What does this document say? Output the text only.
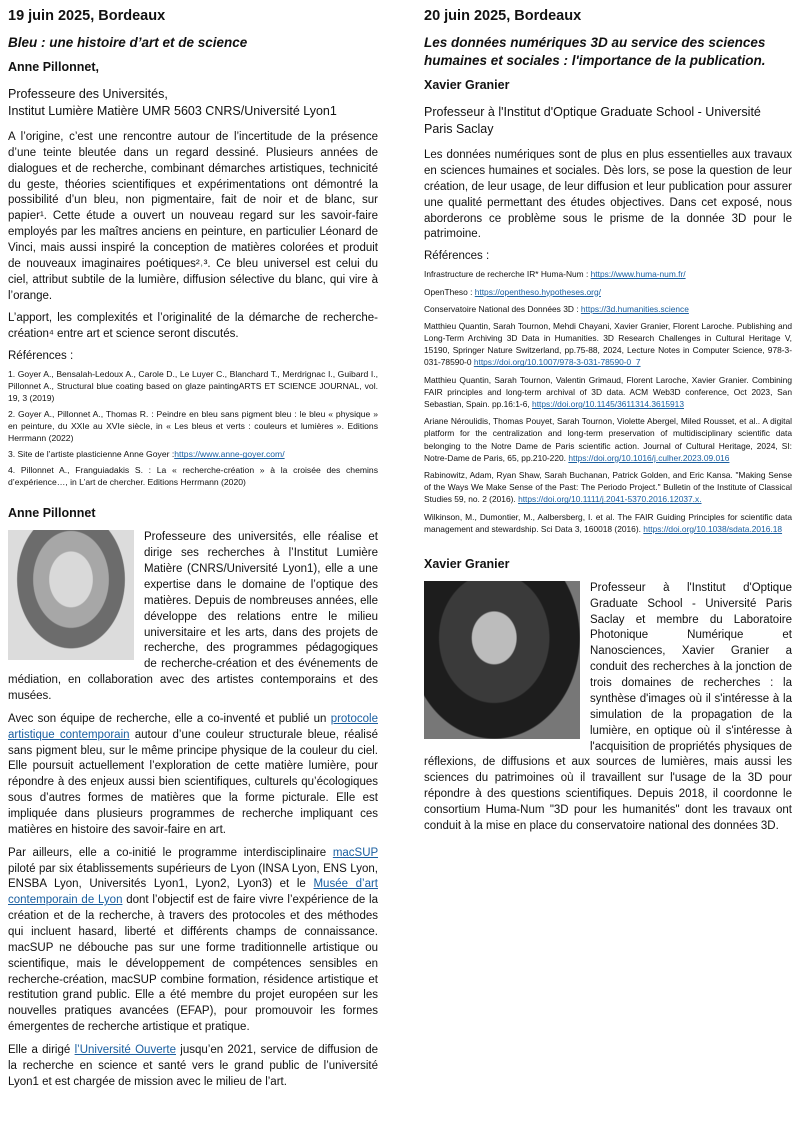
19 juin 2025, Bordeaux
Bleu : une histoire d’art et de science
Anne Pillonnet,
Professeure des Universités,
Institut Lumière Matière UMR 5603 CNRS/Université Lyon1

A l’origine, c’est une rencontre autour de l’incertitude de la présence d’une teinte bleutée dans un regard dessiné. Plusieurs années de dialogues et de recherche, combinant démarches artistiques, technicité du geste, théories scientifiques et expérimentations ont démontré la possibilité d’un bleu, non pigmentaire, fait de noir et de blanc, sur papier¹. Cette étude a ouvert un nouveau regard sur les savoir-faire employés par les maîtres anciens en peinture, en particulier Léonard de Vinci, mais aussi inspiré la conception de matières colorées et produit de nouveaux imaginaires poétiques²˒³. Ce bleu universel est celui du ciel, attribut subtile de la lumière, diffusion sélective du blanc, qui vire à l’orange.

L’apport, les complexités et l’originalité de la démarche de recherche-création⁴ entre art et science seront discutés.

Références :
1. Goyer A., Bensalah-Ledoux A., Carole D., Le Luyer C., Blanchard T., Merdrignac I., Guibard I., Pillonnet A., Structural blue coating based on glaze paintingARTS ET SCIENCE JOURNAL, vol. 19, 3 (2019)
2. Goyer A., Pillonnet A., Thomas R. : Peindre en bleu sans pigment bleu : le bleu « physique » en peinture, du XXIe au XVIe siècle, in « Les bleus et verts : couleurs et lumières ». Editions Herrmann (2022)
3. Site de l’artiste plasticienne Anne Goyer :https://www.anne-goyer.com/
4. Pillonnet A., Franguiadakis S. : La « recherche-création » à la croisée des chemins d’expérience…, in L’art de chercher. Editions Herrmann (2020)
Anne Pillonnet

Professeure des universités, elle réalise et dirige ses recherches à l’Institut Lumière Matière (CNRS/Université Lyon1), elle a une expertise dans le domaine de l’optique des matières. Depuis de nombreuses années, elle développe des relations entre le milieu universitaire et les arts, dans des projets de recherche, des programmes pédagogiques de recherche-création et des événements de médiation, en collaboration avec des artistes contemporains et des musées.

Avec son équipe de recherche, elle a co-inventé et publié un protocole artistique contemporain autour d’une couleur structurale bleue, réalisé sans pigment bleu, sur le même principe physique de la couleur du ciel. Elle poursuit actuellement l’exploration de cette matière lumière, pour répondre à des enjeux aussi bien scientifiques, culturels qu’écologiques sous d’autres formes de matières que la forme picturale. Elle est impliquée dans plusieurs programmes de recherche impliquant ces matières en histoire des savoir-faire en art.

Par ailleurs, elle a co-initié le programme interdisciplinaire macSUP piloté par six établissements supérieurs de Lyon (INSA Lyon, ENS Lyon, ENSBA Lyon, Universités Lyon1, Lyon2, Lyon3) et le Musée d’art contemporain de Lyon dont l’objectif est de faire vivre l’expérience de la création et de la recherche, à travers des protocoles et des méthodes qui incluent hasard, liberté et différents champs de connaissance. macSUP ne débouche pas sur une forme traditionnelle artistique ou scientifique, mais le développement de compétences sensibles en recherche-création, macSUP combine formation, résidence artistique et restitution grand public. Elle a été membre du projet européen sur les nouvelles pratiques avancées (EFAP), pour promouvoir les formes émergentes de recherche artistique et pratique.

Elle a dirigé l’Université Ouverte jusqu’en 2021, service de diffusion de la recherche en science et santé vers le grand public de l’université Lyon1 et est chargée de mission avec le milieu de l’art.

20 juin 2025, Bordeaux
Les données numériques 3D au service des sciences humaines et sociales : l'importance de la publication.
Xavier Granier
Professeur à l'Institut d'Optique Graduate School - Université Paris Saclay

Les données numériques sont de plus en plus essentielles aux travaux en sciences humaines et sociales. Dès lors, se pose la question de leur création, de leur usage, de leur diffusion et leur publication pour assurer une qualité permettant des études objectives. Dans cet exposé, nous aborderons ce problème sous le prisme de la donnée 3D pour le patrimoine.

Références :
Infrastructure de recherche IR* Huma-Num : https://www.huma-num.fr/
OpenTheso : https://opentheso.hypotheses.org/
Conservatoire National des Données 3D : https://3d.humanities.science
Matthieu Quantin, Sarah Tournon, Mehdi Chayani, Xavier Granier, Florent Laroche. Publishing and Long-Term Archiving 3D Data in Humanities. 3D Research Challenges in Cultural Heritage V, 15190, Springer Nature Switzerland, pp.75-88, 2024, Lecture Notes in Computer Science, 978-3-031-78590-0 https://doi.org/10.1007/978-3-031-78590-0_7
Matthieu Quantin, Sarah Tournon, Valentin Grimaud, Florent Laroche, Xavier Granier. Combining FAIR principles and long-term archival of 3D data. ACM Web3D conference, Oct 2023, San Sebastian, Spain. pp.16:1-6, https://doi.org/10.1145/3611314.3615913
Ariane Néroulidis, Thomas Pouyet, Sarah Tournon, Violette Abergel, Miled Rousset, et al.. A digital platform for the centralization and long-term preservation of multidisciplinary scientific data belonging to the Notre Dame de Paris scientific action. Journal of Cultural Heritage, 2024, SI: Notre-Dame de Paris, 65, pp.210-220. https://doi.org/10.1016/j.culher.2023.09.016
Rabinowitz, Adam, Ryan Shaw, Sarah Buchanan, Patrick Golden, and Eric Kansa. "Making Sense of the Ways We Make Sense of the Past: The Periodo Project." Bulletin of the Institute of Classical Studies 59, no. 2 (2016). https://doi.org/10.1111/j.2041-5370.2016.12037.x.
Wilkinson, M., Dumontier, M., Aalbersberg, I. et al. The FAIR Guiding Principles for scientific data management and stewardship. Sci Data 3, 160018 (2016). https://doi.org/10.1038/sdata.2016.18
Xavier Granier

Professeur à l'Institut d'Optique Graduate School - Université Paris Saclay et membre du Laboratoire Photonique Numérique et Nanosciences, Xavier Granier a conduit des recherches à la jonction de trois domaines de recherches : la synthèse d'images où il s'intéresse à la simulation de la propagation de la lumière, en optique où il s'intéresse à l'acquisition de propriétés physiques de réflexions, de diffusions et aux sources de lumières, mais aussi les sciences du patrimoines où il travaillent sur l'usage de la 3D pour répondre à des questions scientifiques. Depuis 2018, il coordonne le consortium Huma-Num "3D pour les humanités" dont les travaux ont conduit à la mise en place du conservatoire national des données 3D.
